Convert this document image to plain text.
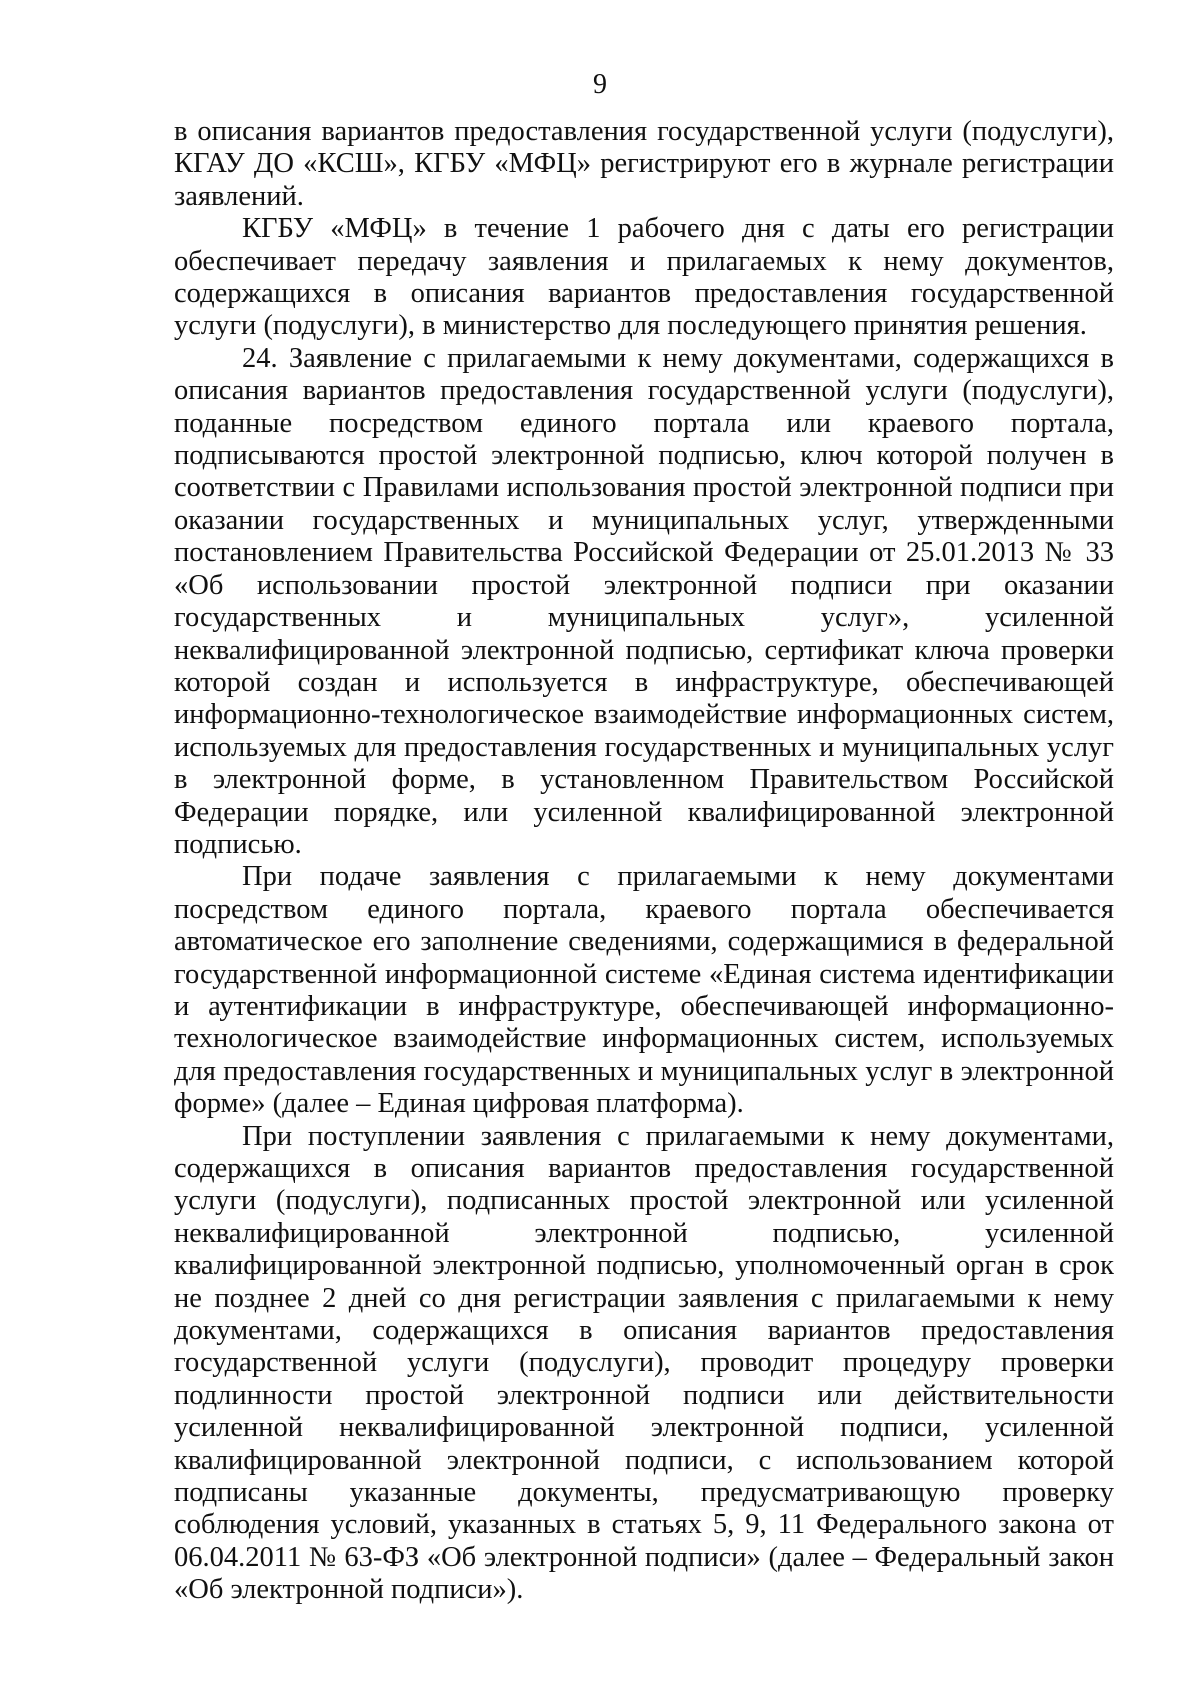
9

в описания вариантов предоставления государственной услуги (подуслуги), КГАУ ДО «КСШ», КГБУ «МФЦ» регистрируют его в журнале регистрации заявлений.

КГБУ «МФЦ» в течение 1 рабочего дня с даты его регистрации обеспечивает передачу заявления и прилагаемых к нему документов, содержащихся в описания вариантов предоставления государственной услуги (подуслуги), в министерство для последующего принятия решения.

24. Заявление с прилагаемыми к нему документами, содержащихся в описания вариантов предоставления государственной услуги (подуслуги), поданные посредством единого портала или краевого портала, подписываются простой электронной подписью, ключ которой получен в соответствии с Правилами использования простой электронной подписи при оказании государственных и муниципальных услуг, утвержденными постановлением Правительства Российской Федерации от 25.01.2013 № 33 «Об использовании простой электронной подписи при оказании государственных и муниципальных услуг», усиленной неквалифицированной электронной подписью, сертификат ключа проверки которой создан и используется в инфраструктуре, обеспечивающей информационно-технологическое взаимодействие информационных систем, используемых для предоставления государственных и муниципальных услуг в электронной форме, в установленном Правительством Российской Федерации порядке, или усиленной квалифицированной электронной подписью.

При подаче заявления с прилагаемыми к нему документами посредством единого портала, краевого портала обеспечивается автоматическое его заполнение сведениями, содержащимися в федеральной государственной информационной системе «Единая система идентификации и аутентификации в инфраструктуре, обеспечивающей информационно-технологическое взаимодействие информационных систем, используемых для предоставления государственных и муниципальных услуг в электронной форме» (далее – Единая цифровая платформа).

При поступлении заявления с прилагаемыми к нему документами, содержащихся в описания вариантов предоставления государственной услуги (подуслуги), подписанных простой электронной или усиленной неквалифицированной электронной подписью, усиленной квалифицированной электронной подписью, уполномоченный орган в срок не позднее 2 дней со дня регистрации заявления с прилагаемыми к нему документами, содержащихся в описания вариантов предоставления государственной услуги (подуслуги), проводит процедуру проверки подлинности простой электронной подписи или действительности усиленной неквалифицированной электронной подписи, усиленной квалифицированной электронной подписи, с использованием которой подписаны указанные документы, предусматривающую проверку соблюдения условий, указанных в статьях 5, 9, 11 Федерального закона от 06.04.2011 № 63-ФЗ «Об электронной подписи» (далее – Федеральный закон «Об электронной подписи»).
